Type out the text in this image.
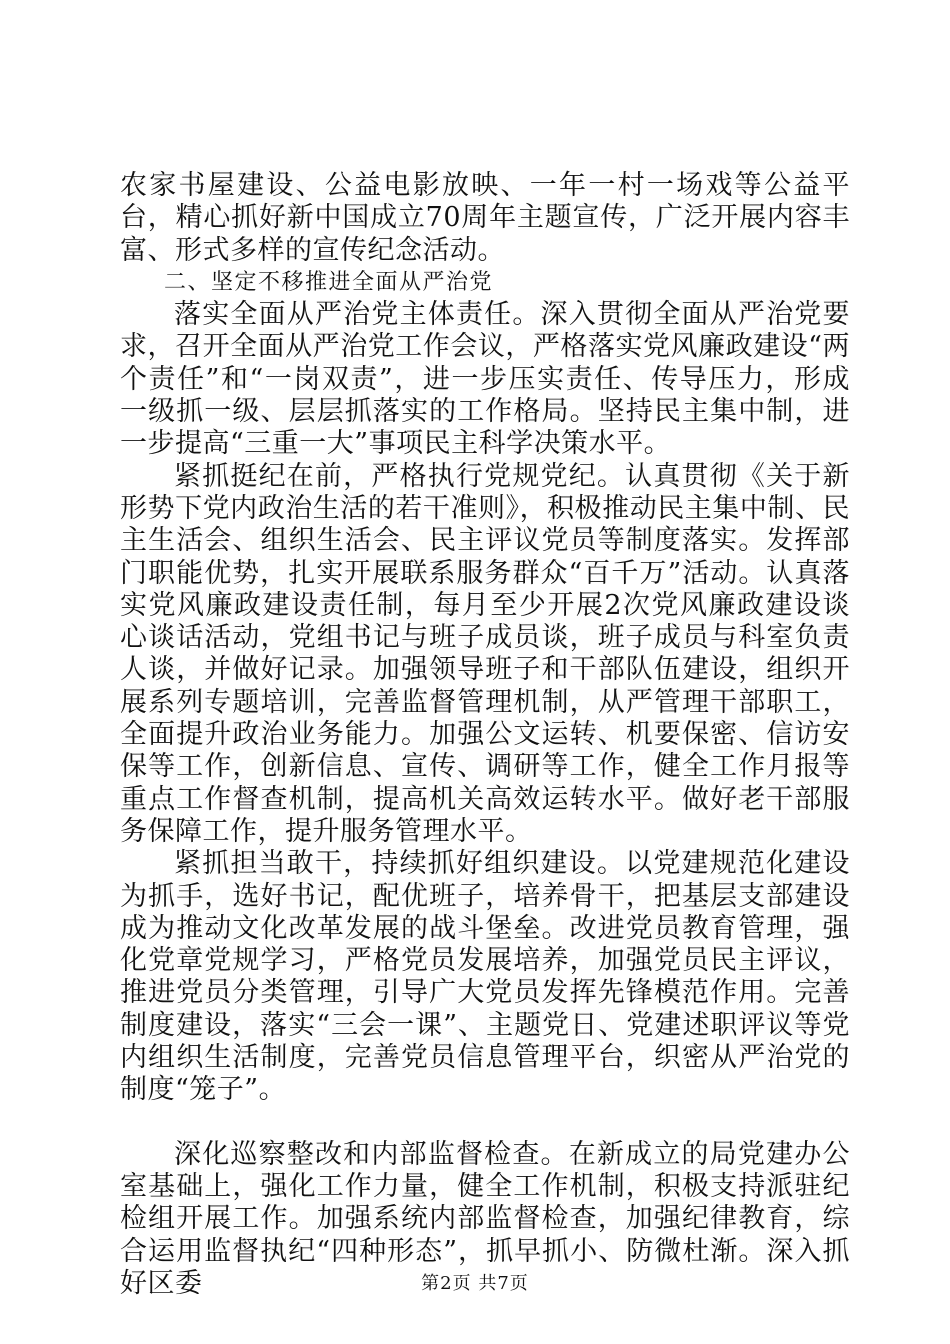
农家书屋建设、公益电影放映、一年一村一场戏等公益平台，精心抓好新中国成立70周年主题宣传，广泛开展内容丰富、形式多样的宣传纪念活动。

二、坚定不移推进全面从严治党

落实全面从严治党主体责任。深入贯彻全面从严治党要求，召开全面从严治党工作会议，严格落实党风廉政建设“两个责任”和“一岗双责”，进一步压实责任、传导压力，形成一级抓一级、层层抓落实的工作格局。坚持民主集中制，进一步提高“三重一大”事项民主科学决策水平。

紧抓挺纪在前，严格执行党规党纪。认真贯彻《关于新形势下党内政治生活的若干准则》，积极推动民主集中制、民主生活会、组织生活会、民主评议党员等制度落实。发挥部门职能优势，扎实开展联系服务群众“百千万”活动。认真落实党风廉政建设责任制，每月至少开展2次党风廉政建设谈心谈话活动，党组书记与班子成员谈，班子成员与科室负责人谈，并做好记录。加强领导班子和干部队伍建设，组织开展系列专题培训，完善监督管理机制，从严管理干部职工，全面提升政治业务能力。加强公文运转、机要保密、信访安保等工作，创新信息、宣传、调研等工作，健全工作月报等重点工作督查机制，提高机关高效运转水平。做好老干部服务保障工作，提升服务管理水平。

紧抓担当敢干，持续抓好组织建设。以党建规范化建设为抓手，选好书记，配优班子，培养骨干，把基层支部建设成为推动文化改革发展的战斗堡垒。改进党员教育管理，强化党章党规学习，严格党员发展培养，加强党员民主评议，推进党员分类管理，引导广大党员发挥先锋模范作用。完善制度建设，落实“三会一课”、主题党日、党建述职评议等党内组织生活制度，完善党员信息管理平台，织密从严治党的制度“笼子”。

深化巡察整改和内部监督检查。在新成立的局党建办公室基础上，强化工作力量，健全工作机制，积极支持派驻纪检组开展工作。加强系统内部监督检查，加强纪律教育，综合运用监督执纪“四种形态”，抓早抓小、防微杜渐。深入抓好区委	第2页 共7页
